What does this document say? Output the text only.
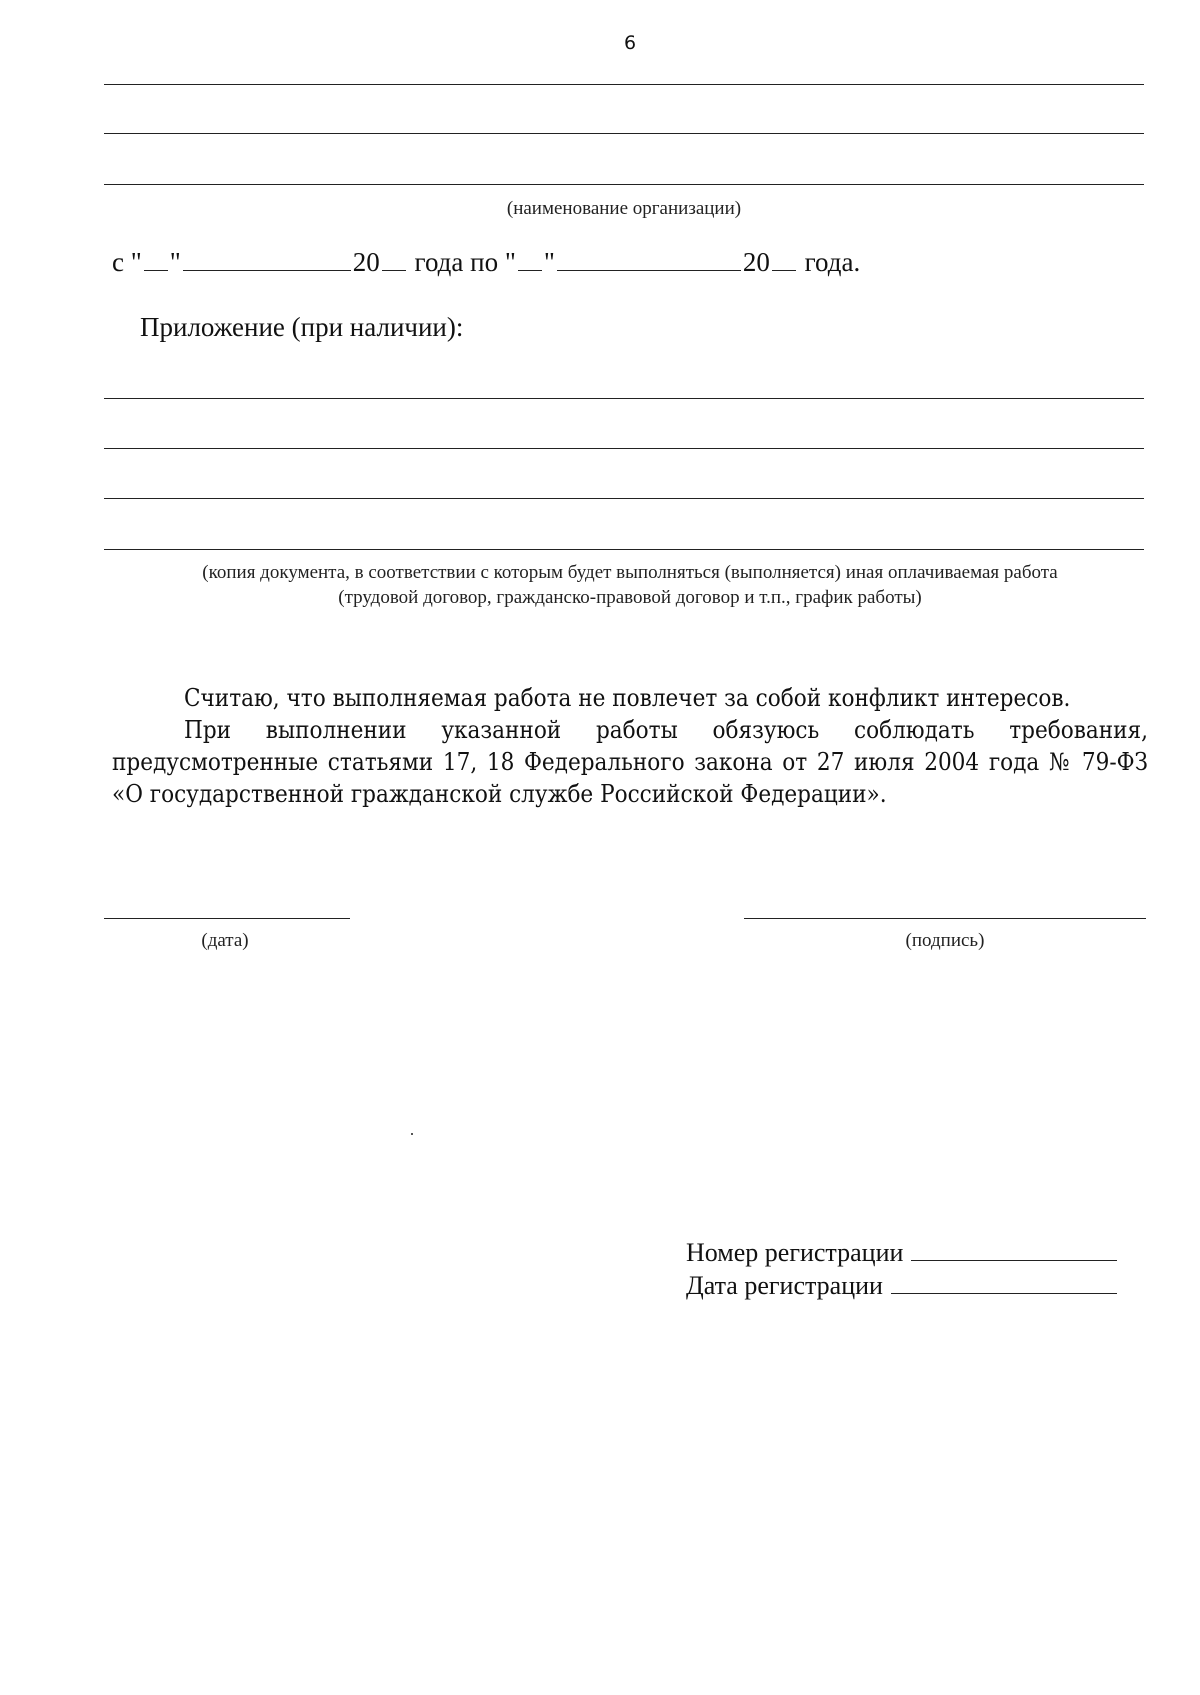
6
(наименование организации)
с " "	20 года по " "	20 года.
Приложение (при наличии):
(копия документа, в соответствии с которым будет выполняться (выполняется) иная оплачиваемая работа
(трудовой договор, гражданско-правовой договор и т.п., график работы)
Считаю, что выполняемая работа не повлечет за собой конфликт интересов.
При выполнении указанной работы обязуюсь соблюдать требования, предусмотренные статьями 17, 18 Федерального закона от 27 июля 2004 года № 79-ФЗ «О государственной гражданской службе Российской Федерации».
(дата)	(подпись)
Номер регистрации
Дата регистрации
